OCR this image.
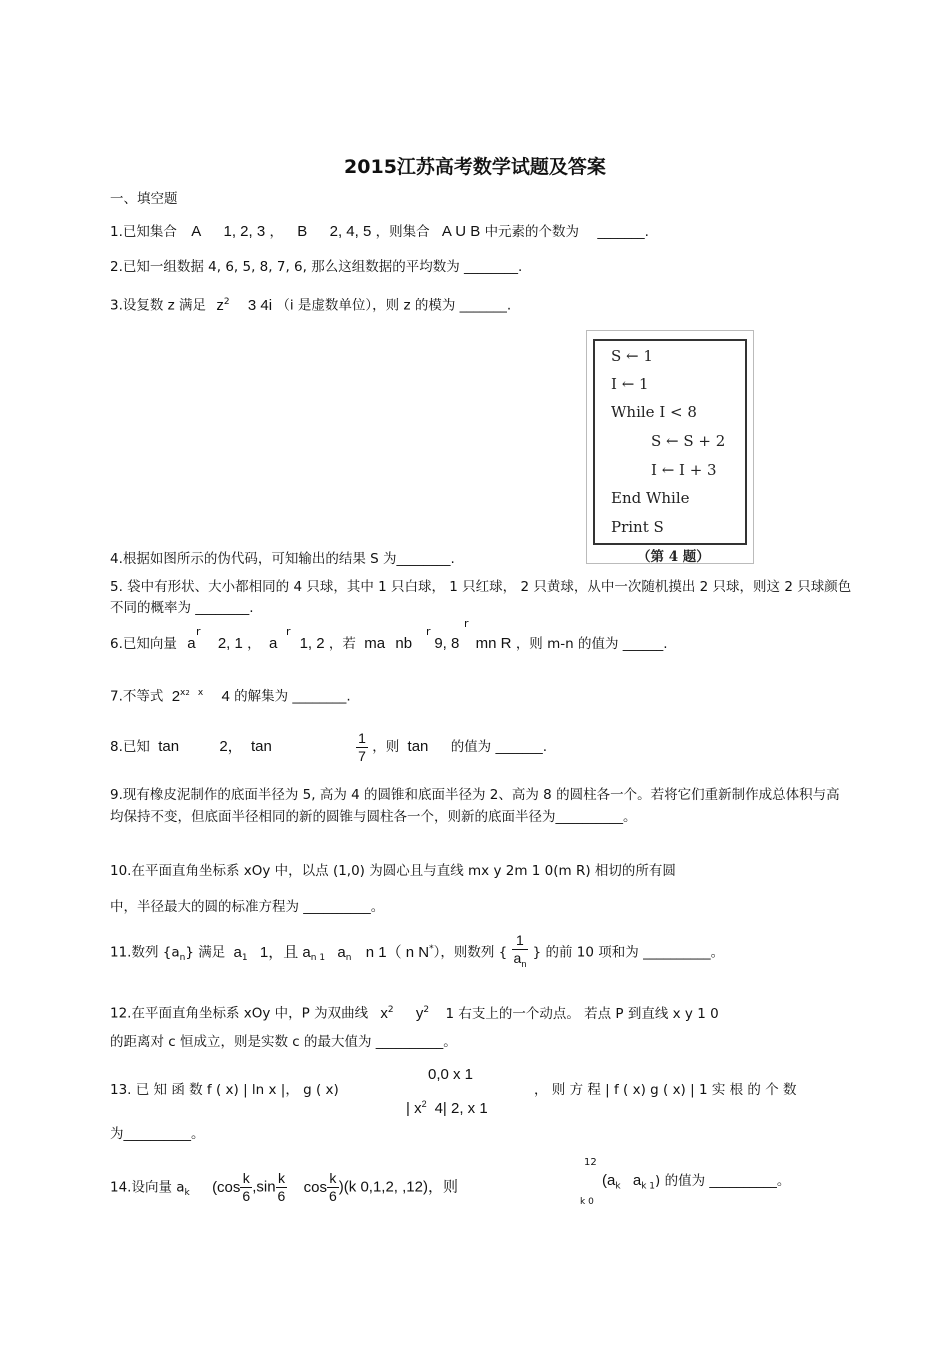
2015江苏高考数学试题及答案
一、填空题
1.已知集合 A 1, 2, 3 ， B 2, 4, 5 ，则集合 A U B 中元素的个数为 _______.
2.已知一组数据 4, 6, 5, 8, 7, 6, 那么这组数据的平均数为 ________.
3.设复数 z 满足 $z^2$ 3 4i （i 是虚数单位），则 z 的模为 _______.
S ← 1
I ← 1
While I < 8
S ← S + 2
I ← I + 3
End While
Print S
（第 4 题）
4.根据如图所示的伪代码，可知输出的结果 S 为________.
5. 袋中有形状、大小都相同的 4 只球，其中 1 只白球， 1 只红球， 2 只黄球，从中一次随机摸出 2 只球，则这 2 只球颜色不同的概率为 ________.
r	r	r
r
6.已知向量 a 2, 1 ， a 1, 2 ，若 ma nb 9, 8 mn R ，则 m-n 的值为 ______.
7.不等式 $2^{x2}$ $^x$ 4 的解集为 ________.
8.已知 tan	2， tan	$\frac{1}{7}$ ，则 tan 的值为 _______.
9.现有橡皮泥制作的底面半径为 5, 高为 4 的圆锥和底面半径为 2、高为 8 的圆柱各一个。若将它们重新制作成总体积与高均保持不变，但底面半径相同的新的圆锥与圆柱各一个，则新的底面半径为__________。
10.在平面直角坐标系 xOy 中，以点 (1,0) 为圆心且与直线 mx y 2m 1 0(m R) 相切的所有圆
中，半径最大的圆的标准方程为 __________。
11.数列 $\{a_n\}$ 满足 $a_1$ 1，且 $a_{n 1}$ $a_n$ n 1（ n N*），则数列 { $\frac{1}{a_n}$ } 的前 10 项和为 __________。
12.在平面直角坐标系 xOy 中，P 为双曲线 $x^2$ $y^2$ 1 右支上的一个动点。 若点 P 到直线 x y 1 0
的距离对 c 恒成立，则是实数 c 的最大值为 __________。
13. 已 知 函 数 f ( x) | ln x |， g ( x)
0,0 x 1
| $x^2$ 4| 2, x 1
， 则 方 程 | f ( x) g ( x) | 1 实 根 的 个 数
为__________。
14.设向量 $a_k$ ($\cos \frac{k}{6} ,\sin \frac{k}{6}$ $\cos \frac{k}{6} )(k$ 0,1,2, ,12)，则
12
k 0
($a_k$ $a_{k 1}$) 的值为 __________。
